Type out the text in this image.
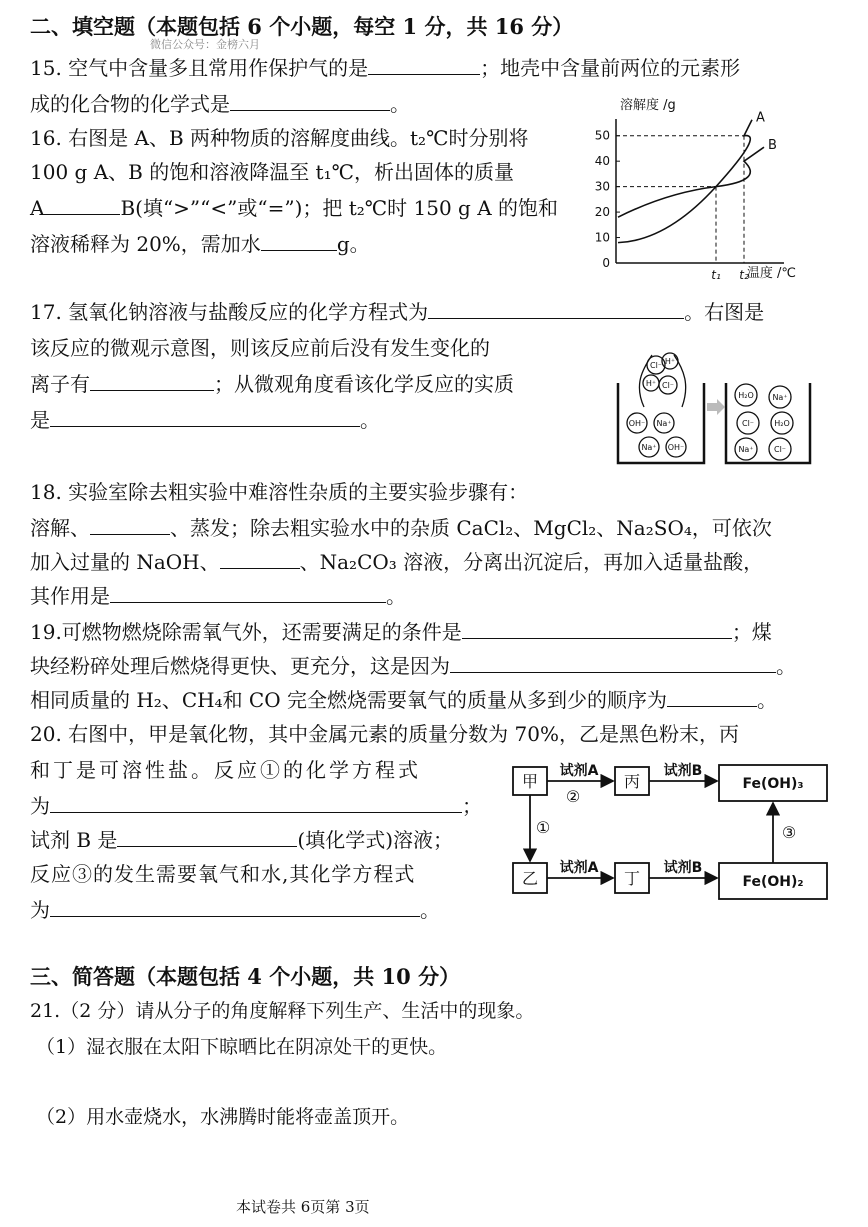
二、填空题（本题包括 6 个小题，每空 1 分，共 16 分）
微信公众号：金榜六月
15. 空气中含量多且常用作保护气的是	；地壳中含量前两位的元素形
成的化合物的化学式是	。
16. 右图是 A、B 两种物质的溶解度曲线。t₂℃时分别将
100 g A、B 的饱和溶液降温至 t₁℃，析出固体的质量
A	B(填“>”“<”或“=”)；把 t₂℃时 150 g A 的饱和
溶液稀释为 20%，需加水	g。
溶解度 /g
温度 /℃
0
10
20
30
40
50
t₁ t₂
A
B
17. 氢氧化钠溶液与盐酸反应的化学方程式为	。右图是
该反应的微观示意图，则该反应前后没有发生变化的
离子有	；从微观角度看该化学反应的实质
是	。
Cl⁻ H⁺
H⁺ Cl⁻
OH⁻ Na⁺
Na⁺ OH⁻
H₂O Na⁺
Cl⁻	H₂O
Na⁺	Cl⁻
18. 实验室除去粗实验中难溶性杂质的主要实验步骤有：
溶解、	、蒸发；除去粗实验水中的杂质 CaCl₂、MgCl₂、Na₂SO₄，可依次
加入过量的 NaOH、	、Na₂CO₃ 溶液，分离出沉淀后，再加入适量盐酸，
其作用是	。
19.可燃物燃烧除需氧气外，还需要满足的条件是	；煤
块经粉碎处理后燃烧得更快、更充分，这是因为	。
相同质量的 H₂、CH₄和 CO 完全燃烧需要氧气的质量从多到少的顺序为	。
20. 右图中，甲是氧化物，其中金属元素的质量分数为 70%，乙是黑色粉末，丙
和丁是可溶性盐。反应①的化学方程式
为	；
试剂 B 是	(填化学式)溶液；
反应③的发生需要氧气和水,其化学方程式
为	。
甲	丙
乙	丁
Fe(OH)₃
Fe(OH)₂
试剂A	试剂B
试剂A	试剂B
②
①	③
三、简答题（本题包括 4 个小题，共 10 分）
21.（2 分）请从分子的角度解释下列生产、生活中的现象。
（1）湿衣服在太阳下晾晒比在阴凉处干的更快。
（2）用水壶烧水，水沸腾时能将壶盖顶开。
本试卷共 6页第 3页
